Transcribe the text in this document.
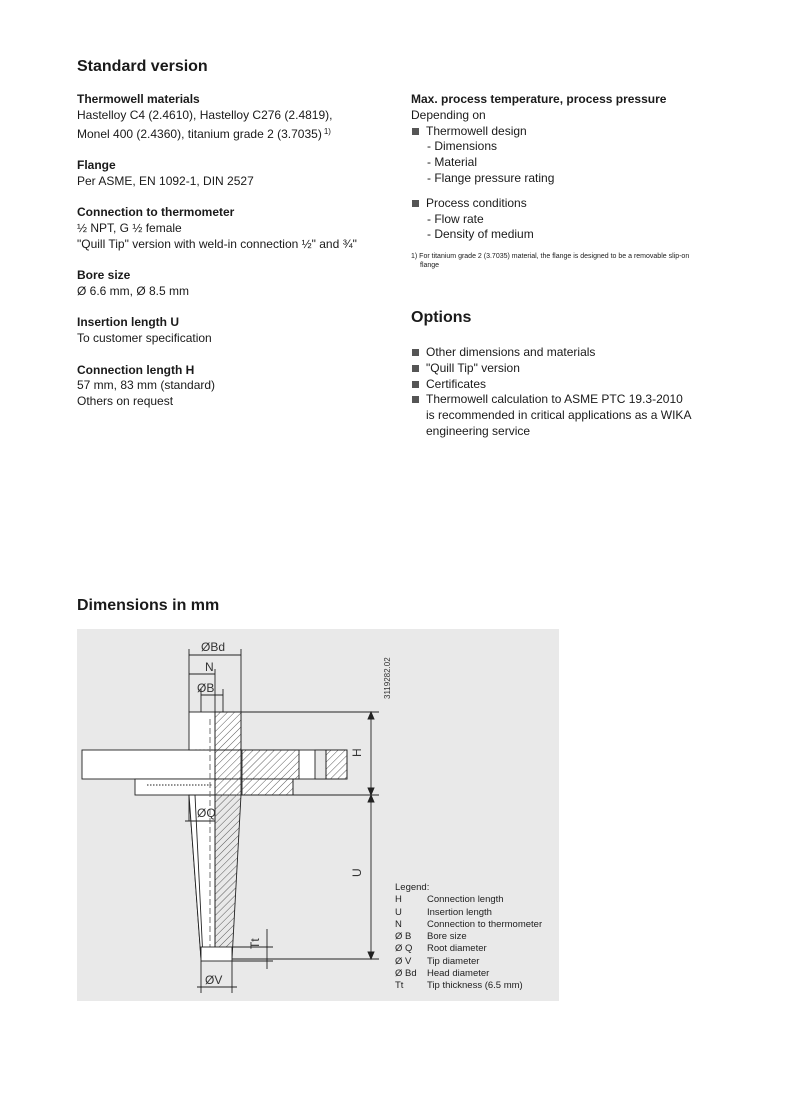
Standard version
Thermowell materials

Hastelloy C4 (2.4610), Hastelloy C276 (2.4819),

Monel 400 (2.4360), titanium grade 2 (3.7035) $^{1)}$

Flange

Per ASME, EN 1092-1, DIN 2527

Connection to thermometer

½ NPT, G ½ female

"Quill Tip" version with weld-in connection ½" and ¾"

Bore size

Ø 6.6 mm, Ø 8.5 mm

Insertion length U

To customer specification

Connection length H

57 mm, 83 mm (standard)

Others on request

Max. process temperature, process pressure

Depending on

Thermowell design
- Dimensions
- Material
- Flange pressure rating
Process conditions
- Flow rate
- Density of medium
1) For titanium grade 2 (3.7035) material, the flange is designed to be a removable slip-on
flange
Options
Other dimensions and materials
"Quill Tip" version
Certificates
Thermowell calculation to ASME PTC 19.3-2010
is recommended in critical applications as a WIKA
engineering service
Dimensions in mm
ØBd
N
ØB
ØQ
ØV
H
U
Tt
3119282.02
Legend:
H	Connection length
U	Insertion length
N	Connection to thermometer
Ø B	Bore size
Ø Q	Root diameter
Ø V	Tip diameter
Ø Bd	Head diameter
Tt	Tip thickness (6.5 mm)
